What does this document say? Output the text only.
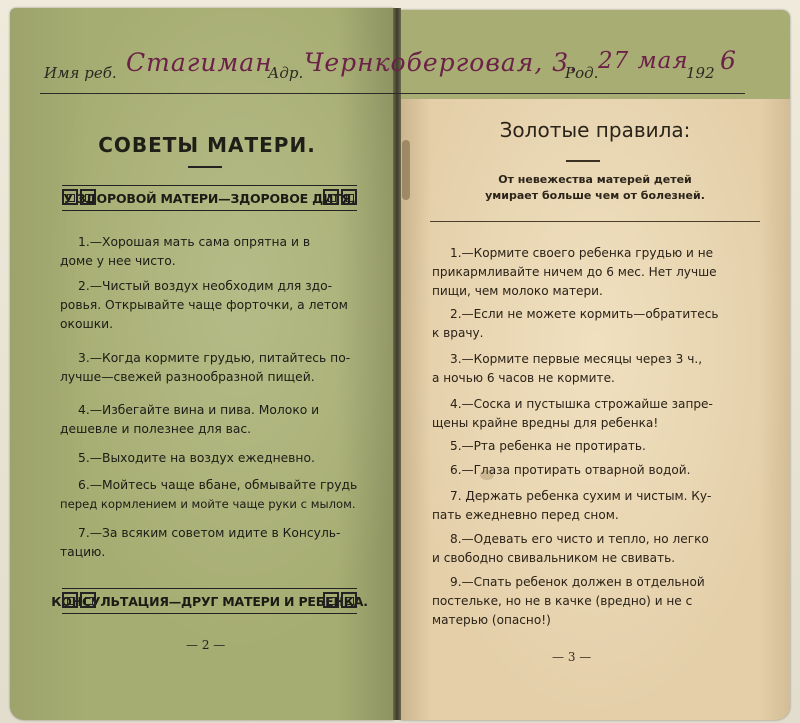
Имя реб. Стагиман
Адр. Чернкоберговая, 3.
Род. 27 мая
192 6
СОВЕТЫ МАТЕРИ.
У ЗДОРОВОЙ МАТЕРИ—ЗДОРОВОЕ ДИТЯ.
1.—Хорошая мать сама опрятна и в
доме у нее чисто.
2.—Чистый воздух необходим для здо-
ровья. Открывайте чаще форточки, а летом
окошки.
3.—Когда кормите грудью, питайтесь по-
лучше—свежей разнообразной пищей.
4.—Избегайте вина и пива. Молоко и
дешевле и полезнее для вас.
5.—Выходите на воздух ежедневно.
6.—Мойтесь чаще вбане, обмывайте грудь
перед кормлением и мойте чаще руки с мылом.
7.—За всяким советом идите в Консуль-
тацию.
КОНСУЛЬТАЦИЯ—ДРУГ МАТЕРИ И РЕБЕНКА.
— 2 —
Золотые правила:
От невежества матерей детей
умирает больше чем от болезней.
1.—Кормите своего ребенка грудью и не
прикармливайте ничем до 6 мес. Нет лучше
пищи, чем молоко матери.
2.—Если не можете кормить—обратитесь
к врачу.
3.—Кормите первые месяцы через 3 ч.,
а ночью 6 часов не кормите.
4.—Соска и пустышка строжайше запре-
щены крайне вредны для ребенка!
5.—Рта ребенка не протирать.
6.—Глаза протирать отварной водой.
7. Держать ребенка сухим и чистым. Ку-
пать ежедневно перед сном.
8.—Одевать его чисто и тепло, но легко
и свободно свивальником не свивать.
9.—Спать ребенок должен в отдельной
постельке, но не в качке (вредно) и не с
матерью (опасно!)
— 3 —
